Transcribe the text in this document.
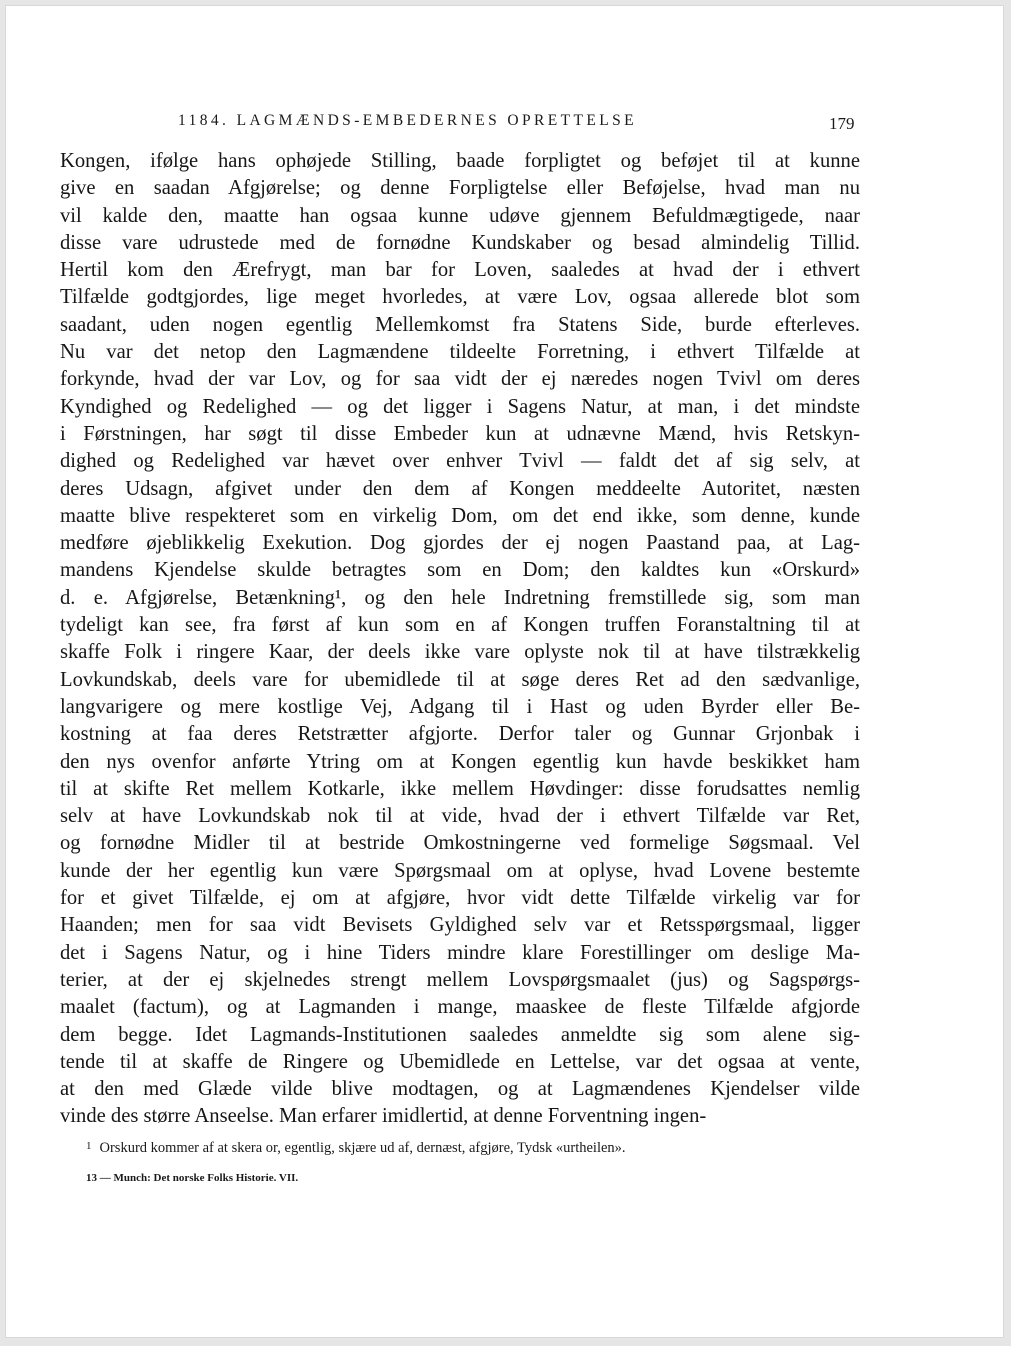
1184. LAGMÆNDS-EMBEDERNES OPRETTELSE	179
Kongen, ifølge hans ophøjede Stilling, baade forpligtet og beføjet til at kunne
give en saadan Afgjørelse; og denne Forpligtelse eller Beføjelse, hvad man nu
vil kalde den, maatte han ogsaa kunne udøve gjennem Befuldmægtigede, naar
disse vare udrustede med de fornødne Kundskaber og besad almindelig Tillid.
Hertil kom den Ærefrygt, man bar for Loven, saaledes at hvad der i ethvert
Tilfælde godtgjordes, lige meget hvorledes, at være Lov, ogsaa allerede blot som
saadant, uden nogen egentlig Mellemkomst fra Statens Side, burde efterleves.
Nu var det netop den Lagmændene tildeelte Forretning, i ethvert Tilfælde at
forkynde, hvad der var Lov, og for saa vidt der ej næredes nogen Tvivl om deres
Kyndighed og Redelighed — og det ligger i Sagens Natur, at man, i det mindste
i Førstningen, har søgt til disse Embeder kun at udnævne Mænd, hvis Retskyn-
dighed og Redelighed var hævet over enhver Tvivl — faldt det af sig selv, at
deres Udsagn, afgivet under den dem af Kongen meddeelte Autoritet, næsten
maatte blive respekteret som en virkelig Dom, om det end ikke, som denne, kunde
medføre øjeblikkelig Exekution. Dog gjordes der ej nogen Paastand paa, at Lag-
mandens Kjendelse skulde betragtes som en Dom; den kaldtes kun «Orskurd»
d. e. Afgjørelse, Betænkning¹, og den hele Indretning fremstillede sig, som man
tydeligt kan see, fra først af kun som en af Kongen truffen Foranstaltning til at
skaffe Folk i ringere Kaar, der deels ikke vare oplyste nok til at have tilstrækkelig
Lovkundskab, deels vare for ubemidlede til at søge deres Ret ad den sædvanlige,
langvarigere og mere kostlige Vej, Adgang til i Hast og uden Byrder eller Be-
kostning at faa deres Retstrætter afgjorte. Derfor taler og Gunnar Grjonbak i
den nys ovenfor anførte Ytring om at Kongen egentlig kun havde beskikket ham
til at skifte Ret mellem Kotkarle, ikke mellem Høvdinger: disse forudsattes nemlig
selv at have Lovkundskab nok til at vide, hvad der i ethvert Tilfælde var Ret,
og fornødne Midler til at bestride Omkostningerne ved formelige Søgsmaal. Vel
kunde der her egentlig kun være Spørgsmaal om at oplyse, hvad Lovene bestemte
for et givet Tilfælde, ej om at afgjøre, hvor vidt dette Tilfælde virkelig var for
Haanden; men for saa vidt Bevisets Gyldighed selv var et Retsspørgsmaal, ligger
det i Sagens Natur, og i hine Tiders mindre klare Forestillinger om deslige Ma-
terier, at der ej skjelnedes strengt mellem Lovspørgsmaalet (jus) og Sagspørgs-
maalet (factum), og at Lagmanden i mange, maaskee de fleste Tilfælde afgjorde
dem begge. Idet Lagmands-Institutionen saaledes anmeldte sig som alene sig-
tende til at skaffe de Ringere og Ubemidlede en Lettelse, var det ogsaa at vente,
at den med Glæde vilde blive modtagen, og at Lagmændenes Kjendelser vilde
vinde des større Anseelse. Man erfarer imidlertid, at denne Forventning ingen-
$^1$ Orskurd kommer af at skera or, egentlig, skjære ud af, dernæst, afgjøre, Tydsk «urtheilen».
13 — Munch: Det norske Folks Historie. VII.
